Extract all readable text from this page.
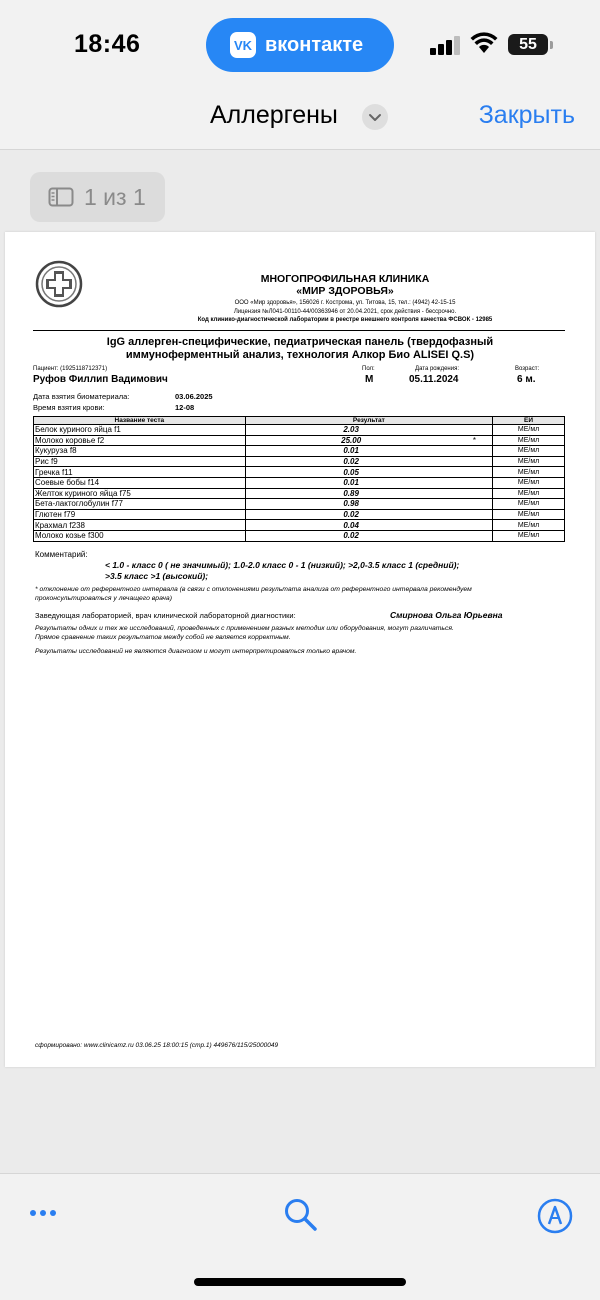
18:46	VK вконтакте	55
Аллергены	Закрыть
1 из 1
МНОГОПРОФИЛЬНАЯ КЛИНИКА
«МИР ЗДОРОВЬЯ»
ООО «Мир здоровья», 156026 г. Кострома, ул. Титова, 15, тел.: (4942) 42-15-15
Лицензия №Л041-00110-44/00363946 от 20.04.2021, срок действия - бессрочно.
Код клинико-диагностической лаборатории в реестре внешнего контроля качества ФСВОК - 12985
IgG аллерген-специфические, педиатрическая панель (твердофазный
иммуноферментный анализ, технология Алкор Био ALISEI Q.S)
Пациент: (1925118712371)
Руфов Филлип Вадимович
Пол:
М
Дата рождения:
05.11.2024
Возраст:
6 м.
Дата взятия биоматериала:	03.06.2025
Время взятия крови:	12-08
Название теста	Результат		ЕИ
Белок куриного яйца f1	2.03		МЕ/мл
Молоко коровье f2	25.00	*	МЕ/мл
Кукуруза f8	0.01		МЕ/мл
Рис f9	0.02		МЕ/мл
Гречка f11	0.05		МЕ/мл
Соевые бобы f14	0.01		МЕ/мл
Желток куриного яйца f75	0.89		МЕ/мл
Бета-лактоглобулин f77	0.98		МЕ/мл
Глютен f79	0.02		МЕ/мл
Крахмал f238	0.04		МЕ/мл
Молоко козье f300	0.02		МЕ/мл
Комментарий:
< 1.0 - класс 0 ( не значимый); 1.0-2.0 класс 0 - 1 (низкий); >2,0-3.5 класс 1 (средний);
>3.5 класс >1 (высокий);
* отклонение от референтного интервала (в связи с отклонениями результата анализа от референтного интервала рекомендуем
проконсультироваться у лечащего врача)
Заведующая лабораторией, врач клинической лабораторной диагностики:	Смирнова Ольга Юрьевна
Результаты одних и тех же исследований, проведенных с применением разных методик или оборудования, могут различаться.
Прямое сравнение таких результатов между собой не является корректным.
Результаты исследований не являются диагнозом и могут интерпретироваться только врачом.
сформировано: www.clinicamz.ru 03.06.25 18:00:15 (стр.1) 449676/115/25000049
